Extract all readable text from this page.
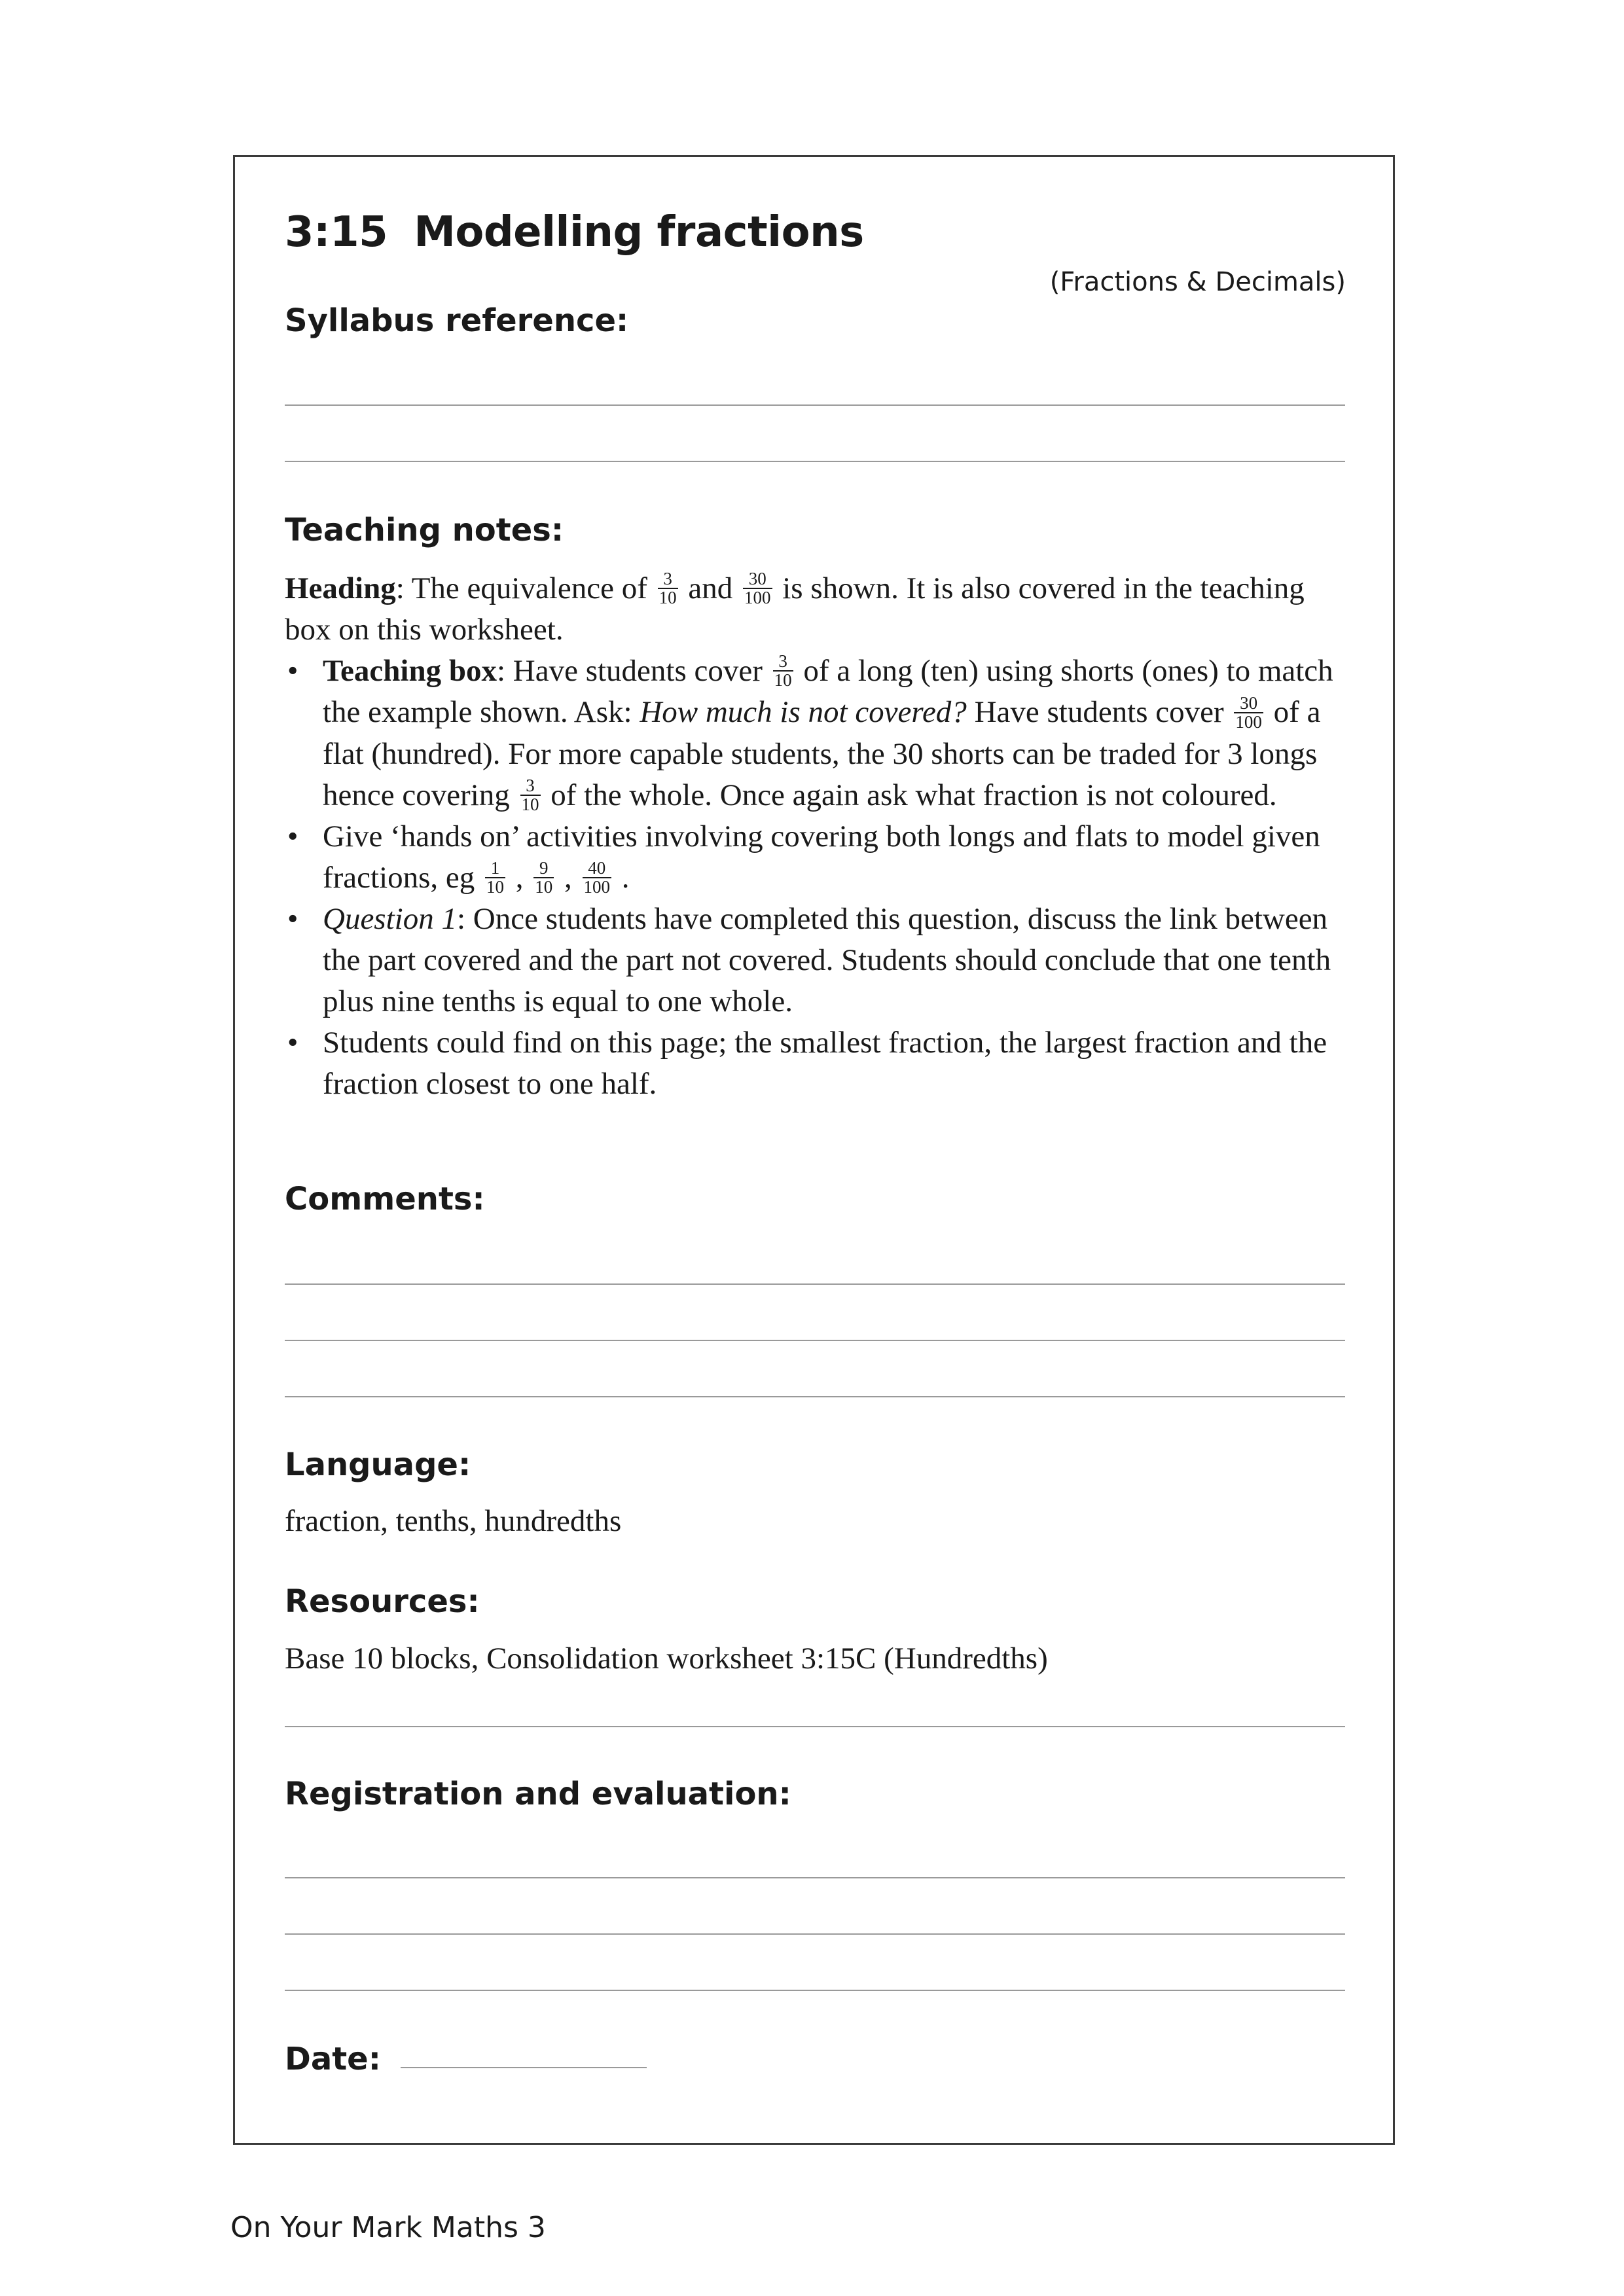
3:15 Modelling fractions
(Fractions & Decimals)
Syllabus reference:
Teaching notes:

Heading: The equivalence of $\frac{3}{10}$ and $\frac{30}{100}$ is shown. It is also covered in the teaching box on this worksheet.

• Teaching box: Have students cover $\frac{3}{10}$ of a long (ten) using shorts (ones) to match the example shown. Ask: How much is not covered? Have students cover $\frac{30}{100}$ of a flat (hundred). For more capable students, the 30 shorts can be traded for 3 longs hence covering $\frac{3}{10}$ of the whole. Once again ask what fraction is not coloured.
• Give ‘hands on’ activities involving covering both longs and flats to model given fractions, eg $\frac{1}{10}$ , $\frac{9}{10}$ , $\frac{40}{100}$ .
• Question 1: Once students have completed this question, discuss the link between the part covered and the part not covered. Students should conclude that one tenth plus nine tenths is equal to one whole.
• Students could find on this page; the smallest fraction, the largest fraction and the fraction closest to one half.
Comments:
Language:
fraction, tenths, hundredths
Resources:
Base 10 blocks, Consolidation worksheet 3:15C (Hundredths)
Registration and evaluation:
Date:
On Your Mark Maths 3
